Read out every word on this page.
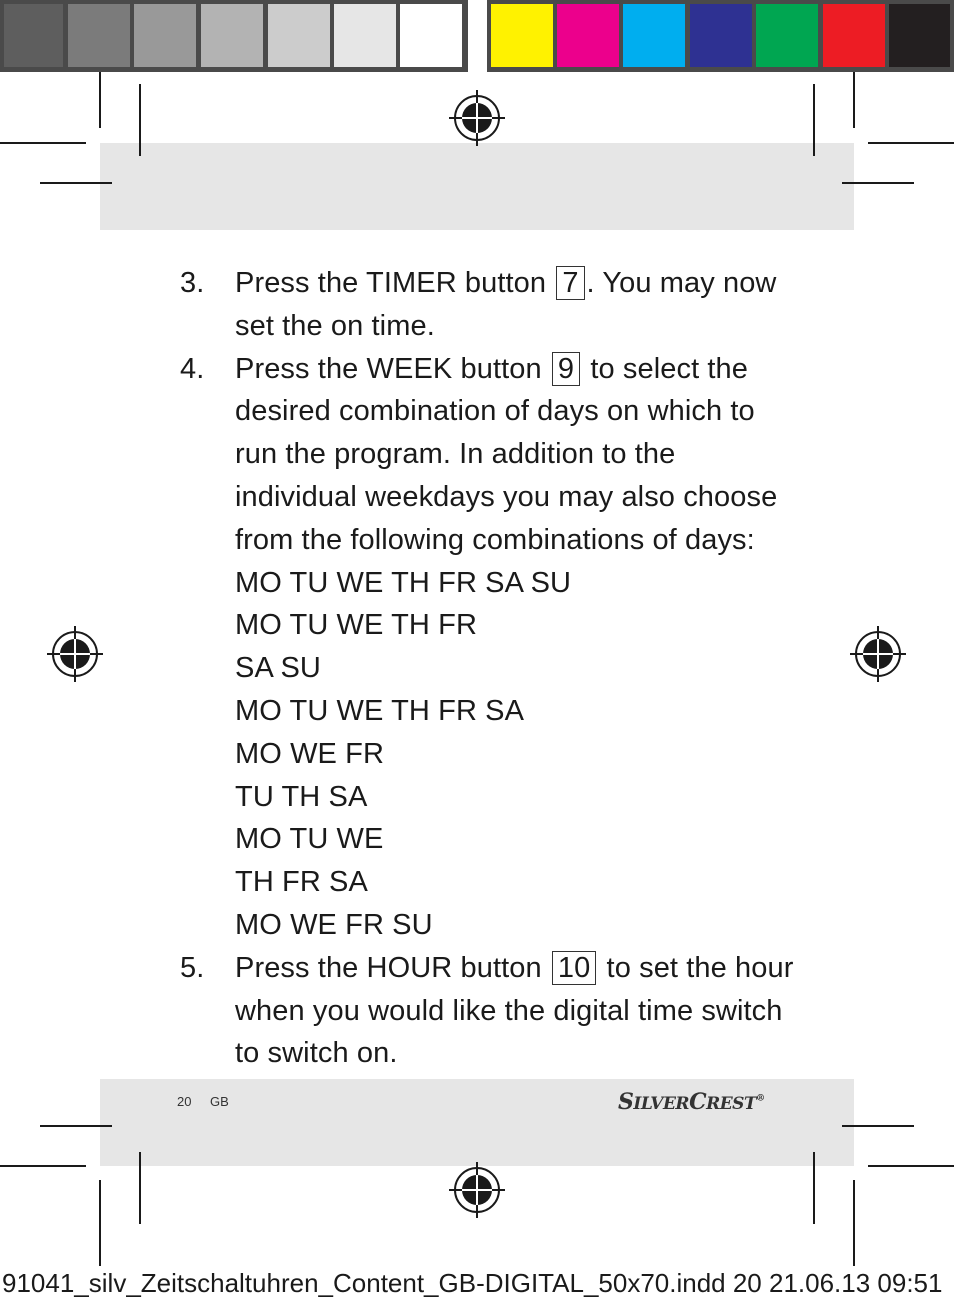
3.	Press the TIMER button 7 . You may now set the on time.
4.	Press the WEEK button 9 to select the desired combination of days on which to run the program. In addition to the individual weekdays you may also choose from the following combinations of days:
MO TU WE TH FR SA SU
MO TU WE TH FR
SA SU
MO TU WE TH FR SA
MO WE FR
TU TH SA
MO TU WE
TH FR SA
MO WE FR SU
5.	Press the HOUR button 10 to set the hour when you would like the digital time switch to switch on.
20 GB	SILVERCREST®
91041_silv_Zeitschaltuhren_Content_GB-DIGITAL_50x70.indd 20 21.06.13 09:51
